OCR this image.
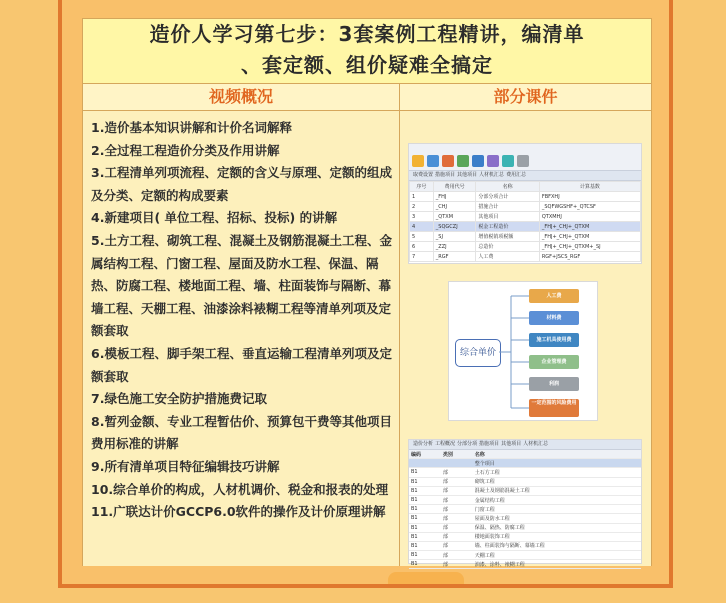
造价人学习第七步：3套案例工程精讲，编清单
、套定额、组价疑难全搞定
视频概况	部分课件
1.造价基本知识讲解和计价名词解释
2.全过程工程造价分类及作用讲解
3.工程清单列项流程、定额的含义与原理、定额的组成及分类、定额的构成要素
4.新建项目( 单位工程、招标、投标) 的讲解
5.土方工程、砌筑工程、混凝土及钢筋混凝土工程、金属结构工程、门窗工程、屋面及防水工程、保温、隔热、防腐工程、楼地面工程、墙、柱面装饰与隔断、幕墙工程、天棚工程、油漆涂料裱糊工程等清单列项及定额套取
6.模板工程、脚手架工程、垂直运输工程清单列项及定额套取
7.绿色施工安全防护措施费记取
8.暂列金额、专业工程暂估价、预算包干费等其他项目费用标准的讲解
9.所有清单项目特征编辑技巧讲解
10.综合单价的构成，人材机调价、税金和报表的处理
11.广联达计价GCCP6.0软件的操作及计价原理讲解
取费设置 措施项目 其他项目 人材机汇总 费用汇总
序号	费用代号	名称	计算基数
1	_FHJ	分部分项合计	FBFXHJ
2	_CHJ	措施合计	_SQFWGSHF+_QTCSF
3	_QTXM	其他项目	QTXMHJ
4	_SQGCZJ	税金工程造价	_FHJ+_CHJ+_QTXM
5	_SJ	增值税销项税额	_FHJ+_CHJ+_QTXM
6	_ZZJ	总造价	_FHJ+_CHJ+_QTXM+_SJ
7	_RGF	人工费	RGF+JSCS_RGF
综合单价
人工费
材料费
施工机具使用费
企业管理费
利润
一定范围的风险费用
造价分析 工程概况 分部分项 措施项目 其他项目 人材机汇总
编码	类别	名称
		整个项目
B1	部	土石方工程
B1	部	砌筑工程
B1	部	混凝土及钢筋混凝土工程
B1	部	金属结构工程
B1	部	门窗工程
B1	部	屋面及防水工程
B1	部	保温、隔热、防腐工程
B1	部	楼地面装饰工程
B1	部	墙、柱面装饰与隔断、幕墙工程
B1	部	天棚工程
B1	部	油漆、涂料、裱糊工程
